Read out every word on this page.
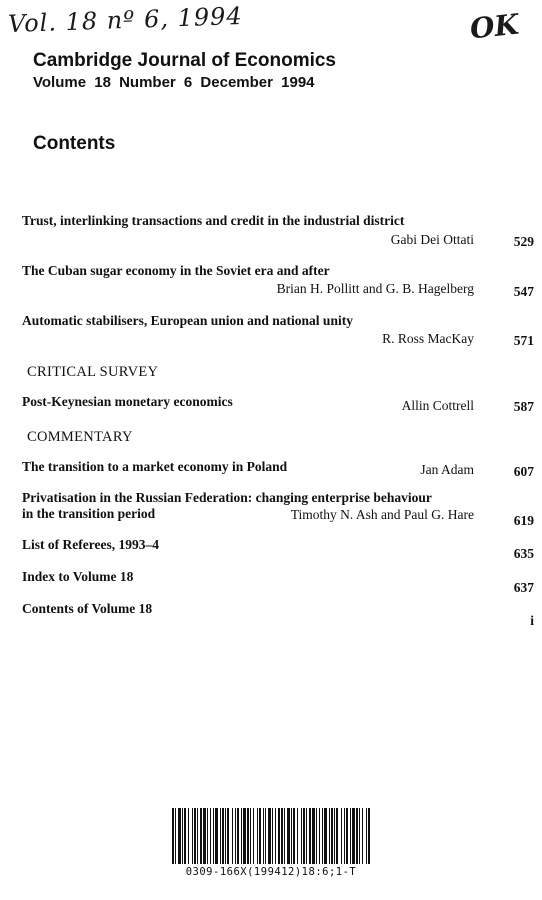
Vol. 18 nº 6, 1994	OK
Cambridge Journal of Economics
Volume 18 Number 6 December 1994
Contents
Trust, interlinking transactions and credit in the industrial district
Gabi Dei Ottati	529
The Cuban sugar economy in the Soviet era and after
Brian H. Pollitt and G. B. Hagelberg	547
Automatic stabilisers, European union and national unity
R. Ross MacKay	571
CRITICAL SURVEY
Post-Keynesian monetary economics	Allin Cottrell	587
COMMENTARY
The transition to a market economy in Poland	Jan Adam	607
Privatisation in the Russian Federation: changing enterprise behaviour
in the transition period	Timothy N. Ash and Paul G. Hare	619
List of Referees, 1993–4
635
Index to Volume 18
637
Contents of Volume 18
i
0309-166X(199412)18:6;1-T
